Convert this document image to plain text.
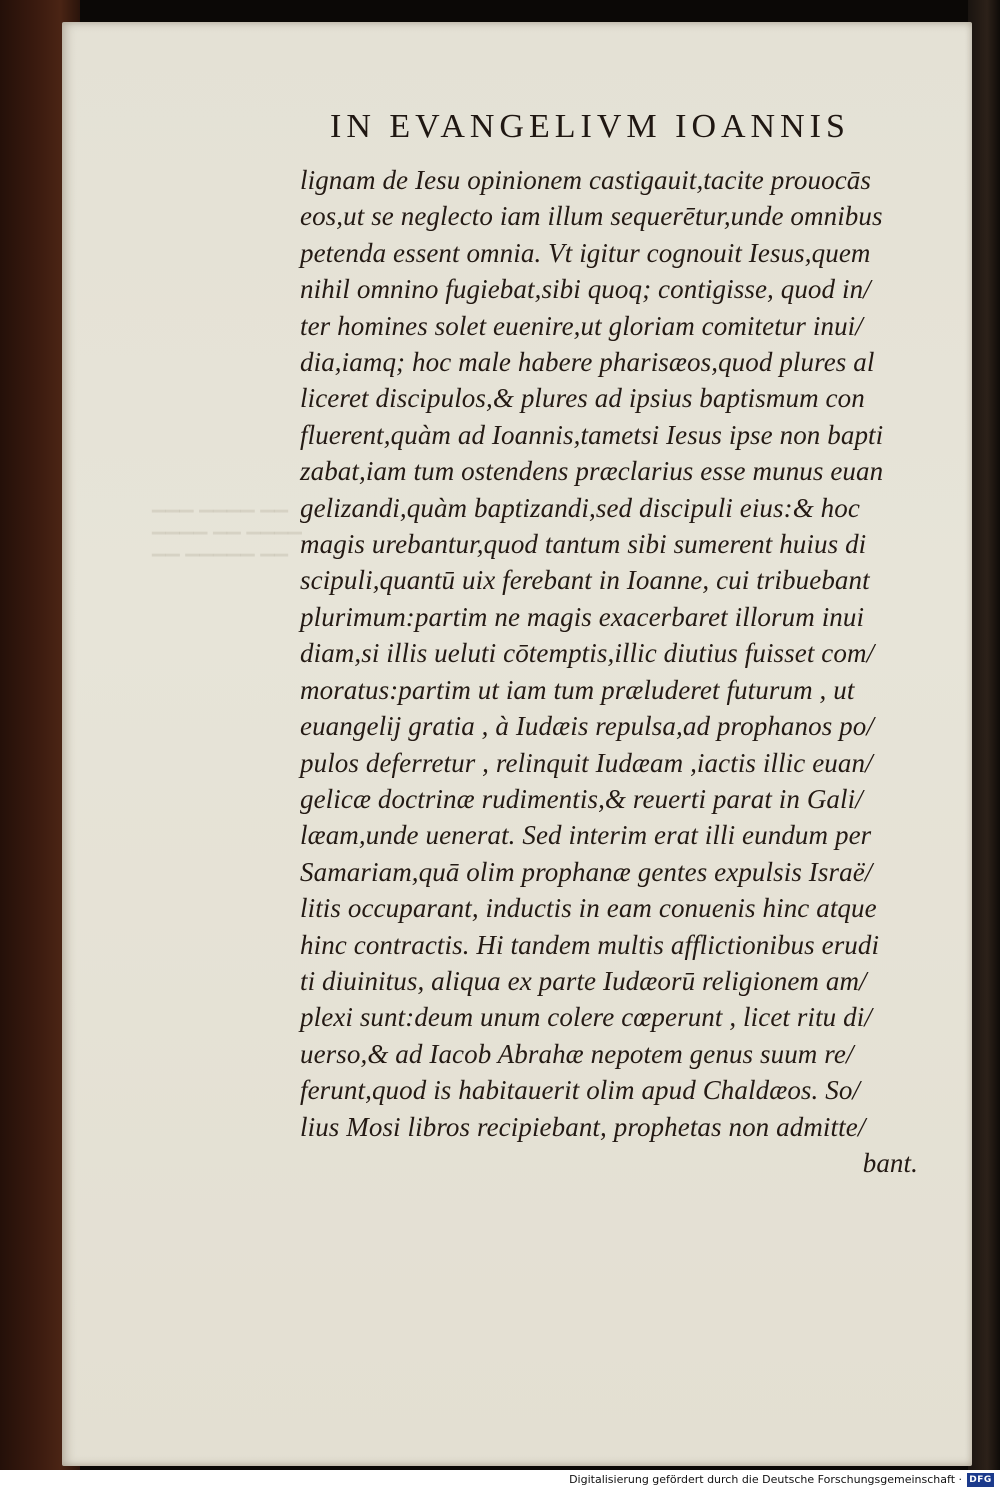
▁▁▁ ▁▁▁▁ ▁▁
▁▁▁▁ ▁▁ ▁▁▁▁
▁▁ ▁▁▁▁▁ ▁▁
IN EVANGELIVM IOANNIS
lignam de Iesu opinionem castigauit,tacite prouocās
eos,ut se neglecto iam illum sequerētur,unde omnibus
petenda essent omnia. Vt igitur cognouit Iesus,quem
nihil omnino fugiebat,sibi quoq; contigisse, quod in/
ter homines solet euenire,ut gloriam comitetur inui/
dia,iamq; hoc male habere pharisæos,quod plures al
liceret discipulos,& plures ad ipsius baptismum con
fluerent,quàm ad Ioannis,tametsi Iesus ipse non bapti
zabat,iam tum ostendens præclarius esse munus euan
gelizandi,quàm baptizandi,sed discipuli eius:& hoc
magis urebantur,quod tantum sibi sumerent huius di
scipuli,quantū uix ferebant in Ioanne, cui tribuebant
plurimum:partim ne magis exacerbaret illorum inui
diam,si illis ueluti cōtemptis,illic diutius fuisset com/
moratus:partim ut iam tum præluderet futurum , ut
euangelij gratia , à Iudæis repulsa,ad prophanos po/
pulos deferretur , relinquit Iudæam ,iactis illic euan/
gelicæ doctrinæ rudimentis,& reuerti parat in Gali/
læam,unde uenerat. Sed interim erat illi eundum per
Samariam,quā olim prophanæ gentes expulsis Israë/
litis occuparant, inductis in eam conuenis hinc atque
hinc contractis. Hi tandem multis afflictionibus erudi
ti diuinitus, aliqua ex parte Iudæorū religionem am/
plexi sunt:deum unum colere cœperunt , licet ritu di/
uerso,& ad Iacob Abrahæ nepotem genus suum re/
ferunt,quod is habitauerit olim apud Chaldæos. So/
lius Mosi libros recipiebant, prophetas non admitte/
bant.
Digitalisierung gefördert durch die Deutsche Forschungsgemeinschaft · DFG
